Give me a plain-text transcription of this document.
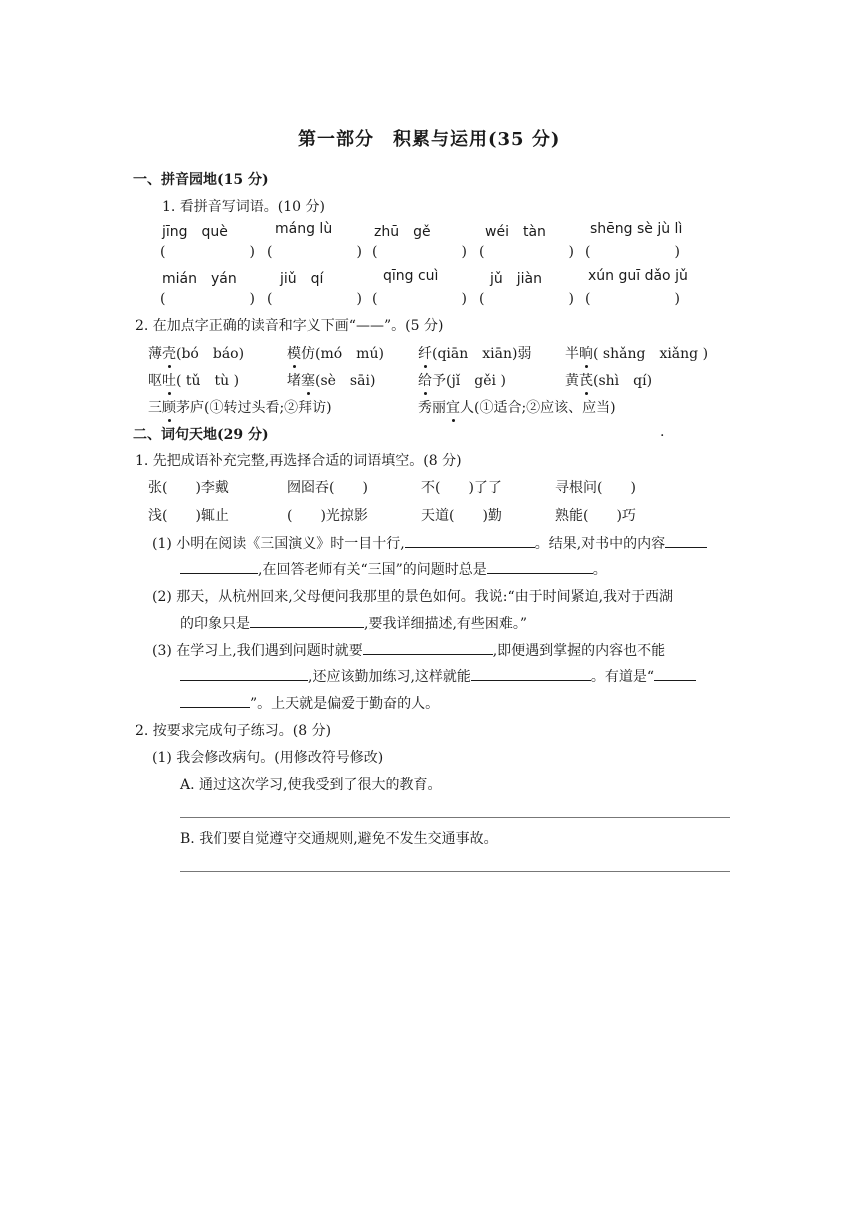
第一部分　积累与运用(35 分)
一、拼音园地(15 分)
1. 看拼音写词语。(10 分)
jīng　què	máng lù	zhū　gě	wéi　tàn	shēng sè jù lì
(　　　　　　) (　　　　　　) (　　　　　　) (　　　　　　) (　　　　　　)
mián　yán	jiǔ　qí	qīng cuì	jǔ　jiàn	xún guī dǎo jǔ
(　　　　　　) (　　　　　　) (　　　　　　) (　　　　　　) (　　　　　　)
2. 在加点字正确的读音和字义下画“——”。(5 分)
薄壳(bó　báo)	模仿(mó　mú) 纤(qiān　xiān)弱 半晌( shǎng　xiǎng )
呕吐( tǔ　tù )	堵塞(sè　sāi)	给予(jǐ　gěi )	黄芪(shì　qí)
三顾茅庐(①转过头看;②拜访)	秀丽宜人(①适合;②应该、应当)
二、词句天地(29 分)	.
1. 先把成语补充完整,再选择合适的词语填空。(8 分)
张(　　)李戴	囫囵吞(　　)	不(　　)了了	寻根问(　　)
浅(　　)辄止	(　　)光掠影	天道(　　)勤	熟能(　　)巧
(1) 小明在阅读《三国演义》时一目十行,	。结果,对书中的内容
,在回答老师有关“三国”的问题时总是	。
(2) 那天，从杭州回来,父母便问我那里的景色如何。我说:“由于时间紧迫,我对于西湖
的印象只是	,要我详细描述,有些困难。”
(3) 在学习上,我们遇到问题时就要	,即便遇到掌握的内容也不能
,还应该勤加练习,这样就能	。有道是“
”。上天就是偏爱于勤奋的人。
2. 按要求完成句子练习。(8 分)
(1) 我会修改病句。(用修改符号修改)
A. 通过这次学习,使我受到了很大的教育。
B. 我们要自觉遵守交通规则,避免不发生交通事故。
